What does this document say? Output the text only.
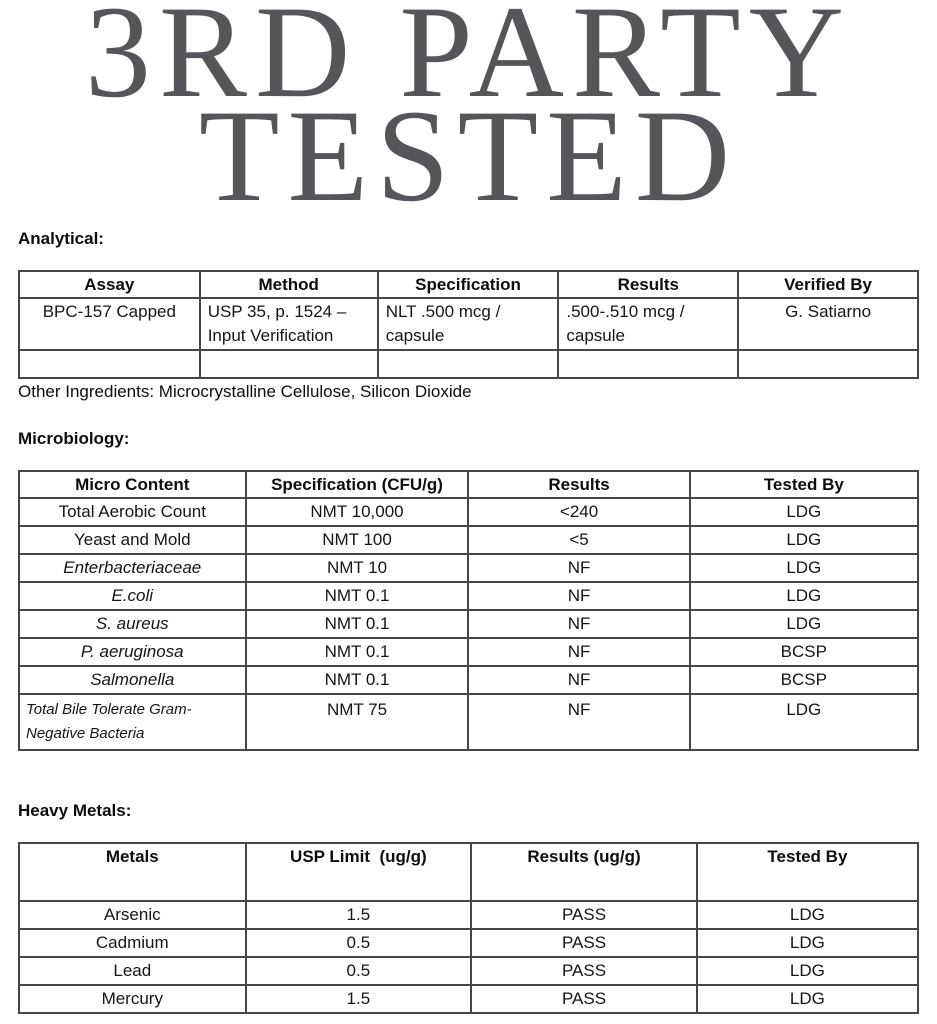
3RD PARTY
TESTED
Analytical:
Assay	Method	Specification	Results	Verified By
BPC-157 Capped	USP 35, p. 1524 – Input Verification	NLT .500 mcg / capsule	.500-.510 mcg / capsule	G. Satiarno

Other Ingredients: Microcrystalline Cellulose, Silicon Dioxide
Microbiology:
Micro Content	Specification (CFU/g)	Results	Tested By
Total Aerobic Count	NMT 10,000	<240	LDG
Yeast and Mold	NMT 100	<5	LDG
Enterbacteriaceae	NMT 10	NF	LDG
E.coli	NMT 0.1	NF	LDG
S. aureus	NMT 0.1	NF	LDG
P. aeruginosa	NMT 0.1	NF	BCSP
Salmonella	NMT 0.1	NF	BCSP
Total Bile Tolerate Gram-Negative Bacteria	NMT 75	NF	LDG
Heavy Metals:
Metals	USP Limit  (ug/g)	Results (ug/g)	Tested By
Arsenic	1.5	PASS	LDG
Cadmium	0.5	PASS	LDG
Lead	0.5	PASS	LDG
Mercury	1.5	PASS	LDG
